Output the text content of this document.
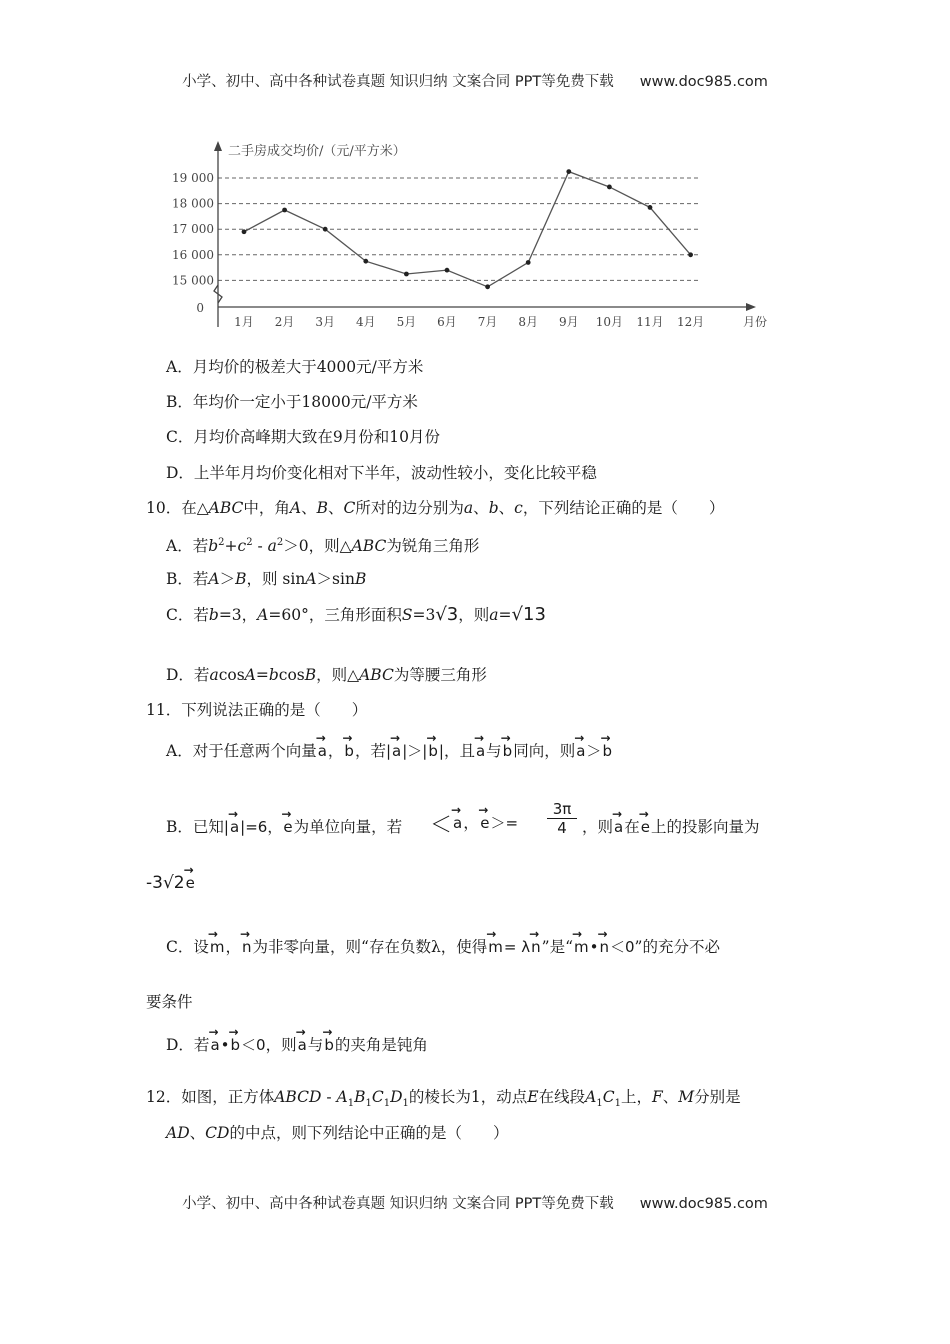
小学、初中、高中各种试卷真题 知识归纳 文案合同 PPT等免费下载 www.doc985.com
二手房成交均价/（元/平方米）
0
15 000
16 000
17 000
18 000
19 000
1月 2月 3月 4月 5月 6月 7月 8月 9月 10月 11月 12月	月份
A．月均价的极差大于4000元/平方米
B．年均价一定小于18000元/平方米
C．月均价高峰期大致在9月份和10月份
D．上半年月均价变化相对下半年，波动性较小，变化比较平稳
10．在△ABC中，角A、B、C所对的边分别为a、b、c，下列结论正确的是（　　）
A．若$b^2+c^2 - a^2>0$，则△ABC为锐角三角形
B．若A＞B，则 sinA＞sinB
C．若b=3，A=60°，三角形面积S=3√3，则a=√13
D．若acosA=bcosB，则△ABC为等腰三角形
11．下列说法正确的是（　　）
A．对于任意两个向量→ a，→ b，若|→ a|＞|→ b|，且→ a与→ b同向，则→ a＞→ b
B．已知|→ a|=6，→ e为单位向量，若 ＜→ a，→ e＞=
3π
4 ，则→ a在→ e上的投影向量为
-3√2→ e
C．设→ m，→ n为非零向量，则“存在负数λ，使得→ m= λ→ n”是“→ m•→ n＜0”的充分不必
要条件
D．若→ a•→ b＜0，则→ a与→ b的夹角是钝角
12．如图，正方体ABCD - $A_1B_1C_1D_1$的棱长为1，动点E在线段$A_1C_1$上，F、M分别是
AD、CD的中点，则下列结论中正确的是（　　）
小学、初中、高中各种试卷真题 知识归纳 文案合同 PPT等免费下载 www.doc985.com
